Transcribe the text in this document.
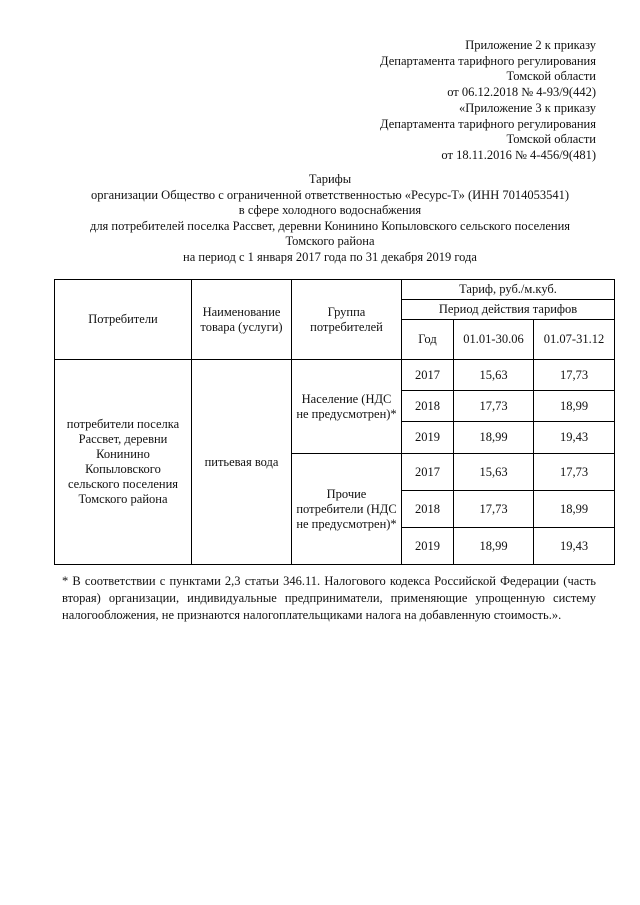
Приложение 2 к приказу
Департамента тарифного регулирования
Томской области
от 06.12.2018 № 4-93/9(442)
«Приложение 3 к приказу
Департамента тарифного регулирования
Томской области
от 18.11.2016 № 4-456/9(481)
Тарифы
организации Общество с ограниченной ответственностью «Ресурс-Т» (ИНН 7014053541)
в сфере холодного водоснабжения
для потребителей поселка Рассвет, деревни Конинино Копыловского сельского поселения
Томского района
на период с 1 января 2017 года по 31 декабря 2019 года
Потребители	Наименование товара (услуги)	Группа потребителей	Тариф, руб./м.куб.		
			Период действия тарифов		
			Год	01.01-30.06	01.07-31.12
потребители поселка Рассвет, деревни Конинино Копыловского сельского поселения Томского района	питьевая вода	Население (НДС не предусмотрен)*	2017	15,63	17,73
			2018	17,73	18,99
			2019	18,99	19,43
		Прочие потребители (НДС не предусмотрен)*	2017	15,63	17,73
			2018	17,73	18,99
			2019	18,99	19,43
* В соответствии с пунктами 2,3 статьи 346.11. Налогового кодекса Российской Федерации (часть вторая) организации, индивидуальные предприниматели, применяющие упрощенную систему налогообложения, не признаются налогоплательщиками налога на добавленную стоимость.».
